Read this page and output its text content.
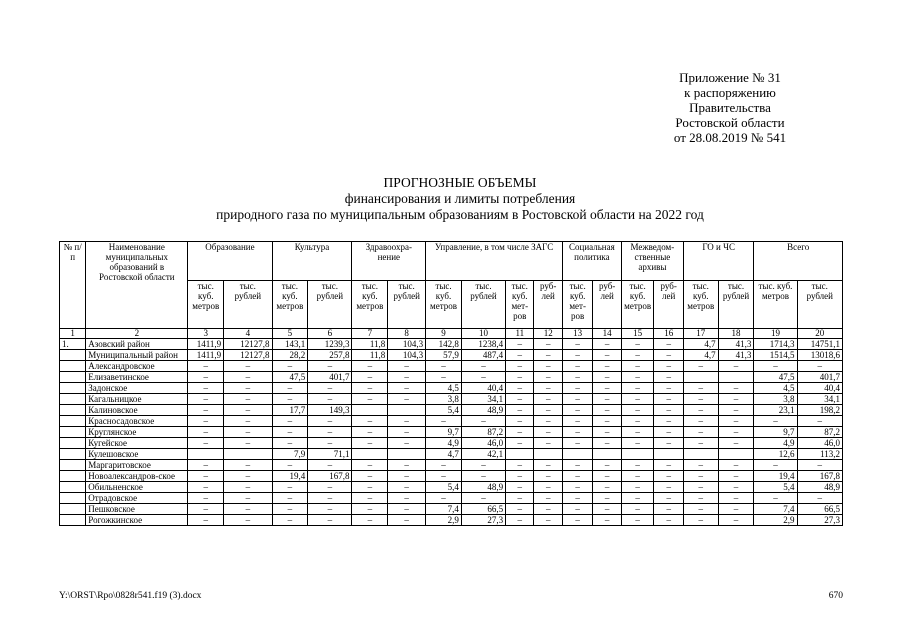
Приложение № 31
к распоряжению
Правительства
Ростовской области
от 28.08.2019 № 541
ПРОГНОЗНЫЕ ОБЪЕМЫ
финансирования и лимиты потребления
природного газа по муниципальным образованиям в Ростовской области на 2022 год
№ п/п	Наименование муниципальных образований в Ростовской области	Образование		Культура		Здравоохра-нение		Управление, в том числе ЗАГС				Социальная политика		Межведом-ственные архивы		ГО и ЧС		Всего	
		тыс. куб. метров	тыс. рублей	тыс. куб. метров	тыс. рублей	тыс. куб. метров	тыс. рублей	тыс. куб. метров	тыс. рублей	тыс. куб. мет-ров	руб-лей	тыс. куб. мет-ров	руб-лей	тыс. куб. метров	руб-лей	тыс. куб. метров	тыс. рублей	тыс. куб. метров	тыс. рублей
1	2	3	4	5	6	7	8	9	10	11	12	13	14	15	16	17	18	19	20
1.	Азовский район	1411,9	12127,8	143,1	1239,3	11,8	104,3	142,8	1238,4	–	–	–	–	–	–	4,7	41,3	1714,3	14751,1
	Муниципальный район	1411,9	12127,8	28,2	257,8	11,8	104,3	57,9	487,4	–	–	–	–	–	–	4,7	41,3	1514,5	13018,6
	Александровское	–	–	–	–	–	–	–	–	–	–	–	–	–	–	–	–	–	–
	Елизаветинское	–	–	47,5	401,7	–	–	–	–	–	–	–	–	–	–			47,5	401,7
	Задонское	–	–	–	–	–	–	4,5	40,4	–	–	–	–	–	–	–	–	4,5	40,4
	Кагальницкое	–	–	–	–	–	–	3,8	34,1	–	–	–	–	–	–	–	–	3,8	34,1
	Калиновское	–	–	17,7	149,3			5,4	48,9	–	–	–	–	–	–	–	–	23,1	198,2
	Красносадовское	–	–	–	–	–	–	–	–	–	–	–	–	–	–	–	–	–	–
	Круглянское	–	–	–	–	–	–	9,7	87,2	–	–	–	–	–	–	–	–	9,7	87,2
	Кугейское	–	–	–	–	–	–	4,9	46,0	–	–	–	–	–	–	–	–	4,9	46,0
	Кулешовское			7,9	71,1			4,7	42,1									12,6	113,2
	Маргаритовское	–	–	–	–	–	–	–	–	–	–	–	–	–	–	–	–	–	–
	Новоалександров-ское	–	–	19,4	167,8	–	–	–	–	–	–	–	–	–	–	–	–	19,4	167,8
	Обильненское	–	–	–	–	–	–	5,4	48,9	–	–	–	–	–	–	–	–	5,4	48,9
	Отрадовское	–	–	–	–	–	–	–	–	–	–	–	–	–	–	–	–	–	–
	Пешковское	–	–	–	–	–	–	7,4	66,5	–	–	–	–	–	–	–	–	7,4	66,5
	Рогожкинское	–	–	–	–	–	–	2,9	27,3	–	–	–	–	–	–	–	–	2,9	27,3
Y:\ORST\Rpo\0828r541.f19 (3).docx	670
